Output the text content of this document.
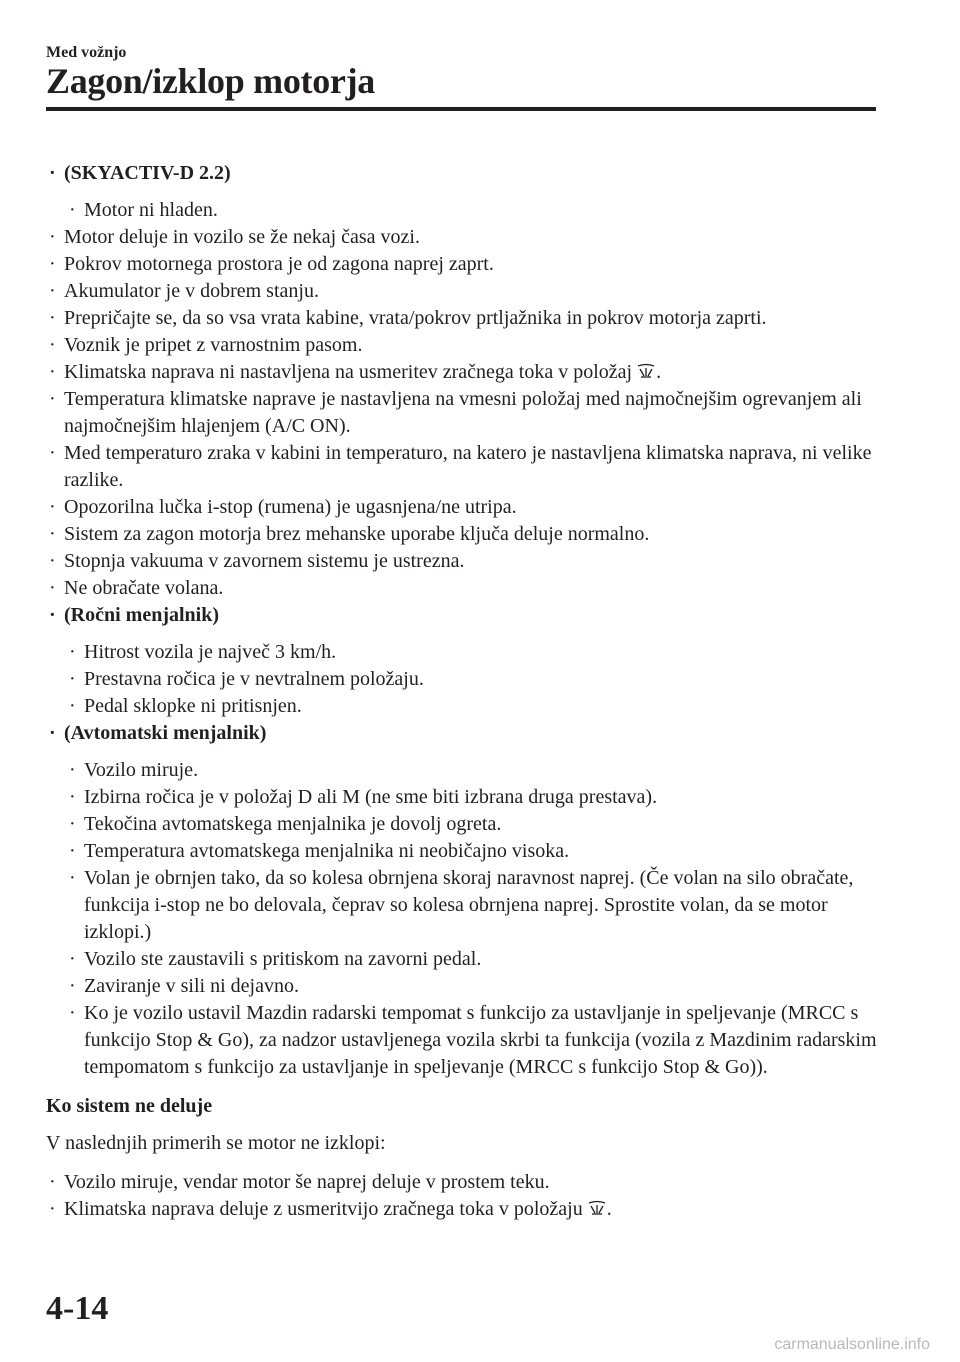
Med vožnjo
Zagon/izklop motorja
· (SKYACTIV-D 2.2)
· Motor ni hladen.
· Motor deluje in vozilo se že nekaj časa vozi.
· Pokrov motornega prostora je od zagona naprej zaprt.
· Akumulator je v dobrem stanju.
· Prepričajte se, da so vsa vrata kabine, vrata/pokrov prtljažnika in pokrov motorja zaprti.
· Voznik je pripet z varnostnim pasom.
· Klimatska naprava ni nastavljena na usmeritev zračnega toka v položaj .
· Temperatura klimatske naprave je nastavljena na vmesni položaj med najmočnejšim ogrevanjem ali najmočnejšim hlajenjem (A/C ON).
· Med temperaturo zraka v kabini in temperaturo, na katero je nastavljena klimatska naprava, ni velike razlike.
· Opozorilna lučka i-stop (rumena) je ugasnjena/ne utripa.
· Sistem za zagon motorja brez mehanske uporabe ključa deluje normalno.
· Stopnja vakuuma v zavornem sistemu je ustrezna.
· Ne obračate volana.
· (Ročni menjalnik)
· Hitrost vozila je največ 3 km/h.
· Prestavna ročica je v nevtralnem položaju.
· Pedal sklopke ni pritisnjen.
· (Avtomatski menjalnik)
· Vozilo miruje.
· Izbirna ročica je v položaj D ali M (ne sme biti izbrana druga prestava).
· Tekočina avtomatskega menjalnika je dovolj ogreta.
· Temperatura avtomatskega menjalnika ni neobičajno visoka.
· Volan je obrnjen tako, da so kolesa obrnjena skoraj naravnost naprej. (Če volan na silo obračate, funkcija i-stop ne bo delovala, čeprav so kolesa obrnjena naprej. Sprostite volan, da se motor izklopi.)
· Vozilo ste zaustavili s pritiskom na zavorni pedal.
· Zaviranje v sili ni dejavno.
· Ko je vozilo ustavil Mazdin radarski tempomat s funkcijo za ustavljanje in speljevanje (MRCC s funkcijo Stop & Go), za nadzor ustavljenega vozila skrbi ta funkcija (vozila z Mazdinim radarskim tempomatom s funkcijo za ustavljanje in speljevanje (MRCC s funkcijo Stop & Go)).
Ko sistem ne deluje
V naslednjih primerih se motor ne izklopi:
· Vozilo miruje, vendar motor še naprej deluje v prostem teku.
· Klimatska naprava deluje z usmeritvijo zračnega toka v položaju .
4-14
carmanualsonline.info
